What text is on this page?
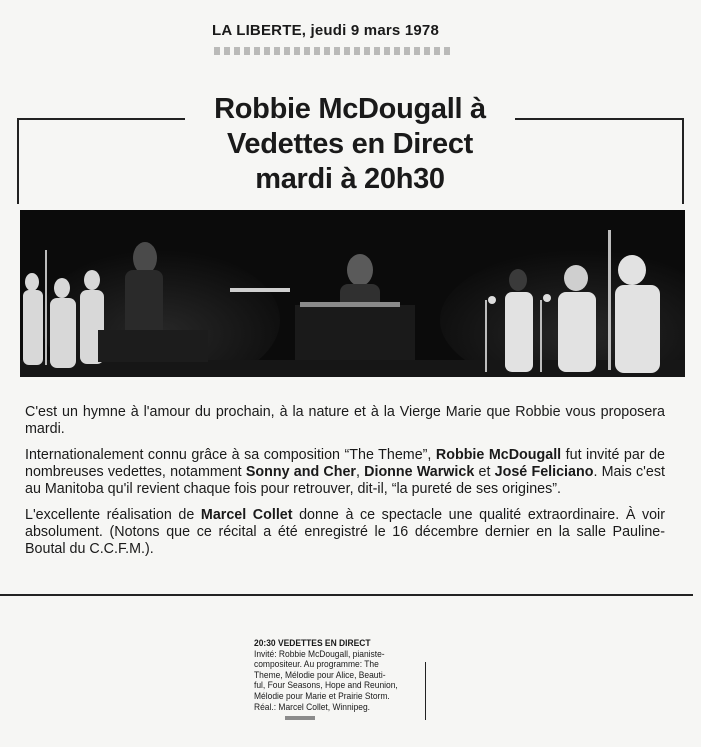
LA LIBERTE, jeudi 9 mars 1978
Robbie McDougall à
Vedettes en Direct
mardi à 20h30

C'est un hymne à l'amour du prochain, à la nature et à la Vierge Marie que Robbie vous proposera mardi.

Internationalement connu grâce à sa composition “The Theme”, Robbie McDougall fut invité par de nombreuses vedettes, notamment Sonny and Cher, Dionne Warwick et José Feliciano. Mais c'est au Manitoba qu'il revient chaque fois pour retrouver, dit-il, “la pureté de ses origines”.

L'excellente réalisation de Marcel Collet donne à ce spectacle une qualité extraordinaire. À voir absolument. (Notons que ce récital a été enregistré le 16 décembre dernier en la salle Pauline-Boutal du C.C.F.M.).

20:30 VEDETTES EN DIRECT
Invité: Robbie McDougall, pianiste-
compositeur. Au programme: The
Theme, Mélodie pour Alice, Beauti-
ful, Four Seasons, Hope and Reunion,
Mélodie pour Marie et Prairie Storm.
Réal.: Marcel Collet, Winnipeg.
